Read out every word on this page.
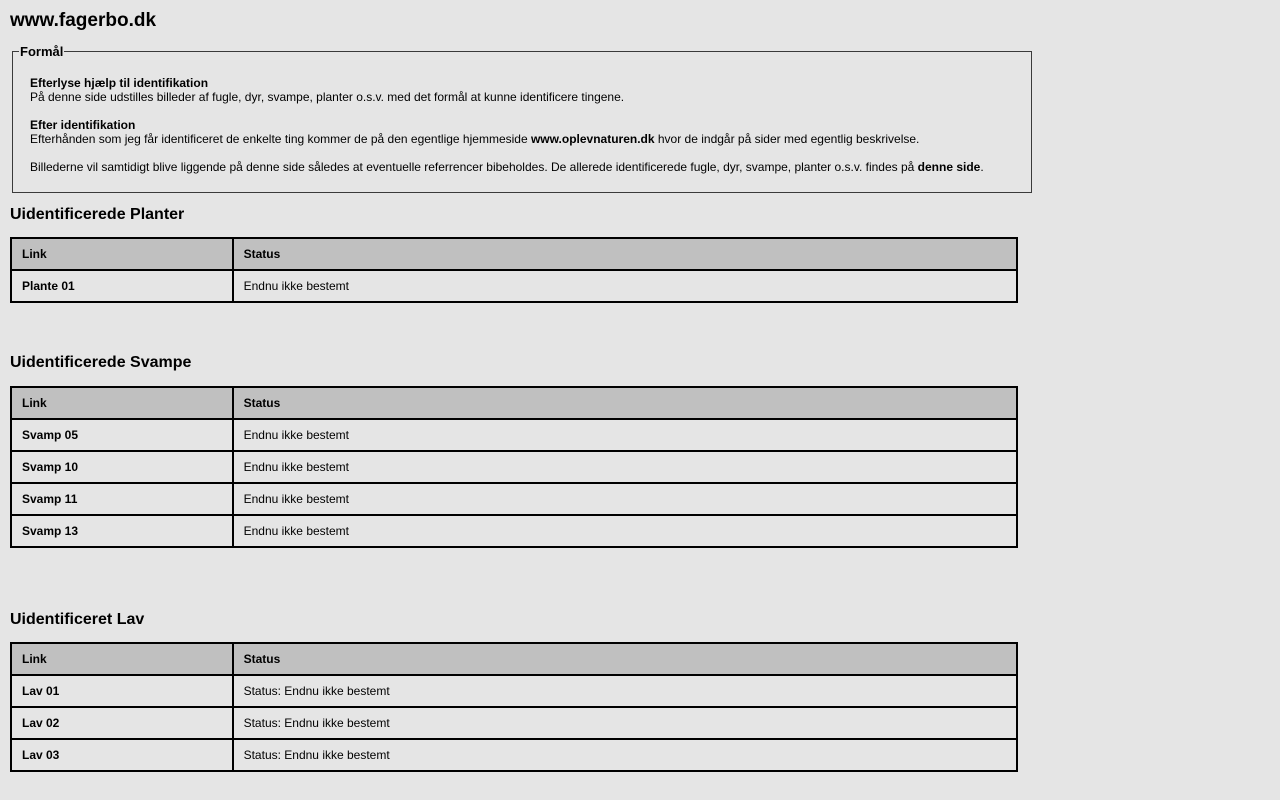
www.fagerbo.dk
Formål
Efterlyse hjælp til identifikation
På denne side udstilles billeder af fugle, dyr, svampe, planter o.s.v. med det formål at kunne identificere tingene.
Efter identifikation
Efterhånden som jeg får identificeret de enkelte ting kommer de på den egentlige hjemmeside www.oplevnaturen.dk hvor de indgår på sider med egentlig beskrivelse.
Billederne vil samtidigt blive liggende på denne side således at eventuelle referrencer bibeholdes. De allerede identificerede fugle, dyr, svampe, planter o.s.v. findes på denne side.
Uidentificerede Planter
Link	Status
Plante 01	Endnu ikke bestemt
Uidentificerede Svampe
Link	Status
Svamp 05	Endnu ikke bestemt
Svamp 10	Endnu ikke bestemt
Svamp 11	Endnu ikke bestemt
Svamp 13	Endnu ikke bestemt
Uidentificeret Lav
Link	Status
Lav 01	Status: Endnu ikke bestemt
Lav 02	Status: Endnu ikke bestemt
Lav 03	Status: Endnu ikke bestemt
